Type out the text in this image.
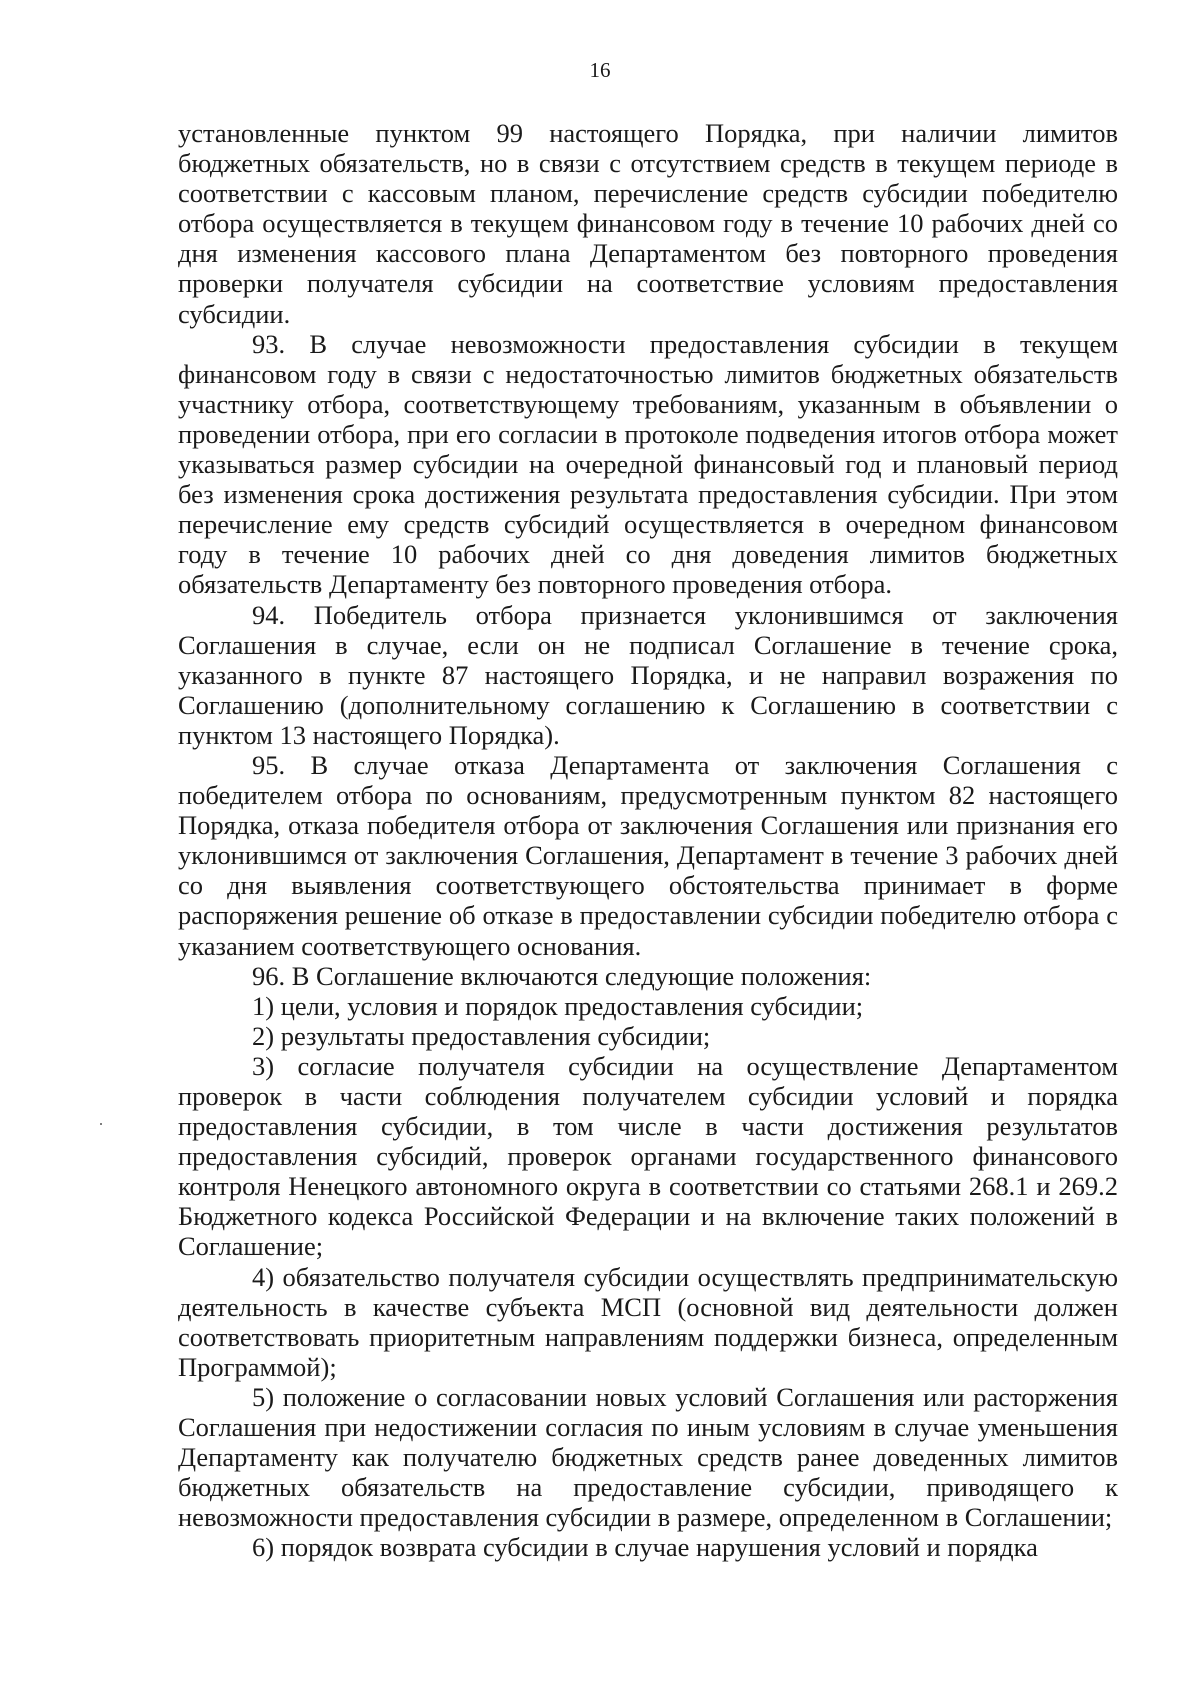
16

установленные пунктом 99 настоящего Порядка, при наличии лимитов бюджетных обязательств, но в связи с отсутствием средств в текущем периоде в соответствии с кассовым планом, перечисление средств субсидии победителю отбора осуществляется в текущем финансовом году в течение 10 рабочих дней со дня изменения кассового плана Департаментом без повторного проведения проверки получателя субсидии на соответствие условиям предоставления субсидии.

93. В случае невозможности предоставления субсидии в текущем финансовом году в связи с недостаточностью лимитов бюджетных обязательств участнику отбора, соответствующему требованиям, указанным в объявлении о проведении отбора, при его согласии в протоколе подведения итогов отбора может указываться размер субсидии на очередной финансовый год и плановый период без изменения срока достижения результата предоставления субсидии. При этом перечисление ему средств субсидий осуществляется в очередном финансовом году в течение 10 рабочих дней со дня доведения лимитов бюджетных обязательств Департаменту без повторного проведения отбора.

94. Победитель отбора признается уклонившимся от заключения Соглашения в случае, если он не подписал Соглашение в течение срока, указанного в пункте 87 настоящего Порядка, и не направил возражения по Соглашению (дополнительному соглашению к Соглашению в соответствии с пунктом 13 настоящего Порядка).

95. В случае отказа Департамента от заключения Соглашения с победителем отбора по основаниям, предусмотренным пунктом 82 настоящего Порядка, отказа победителя отбора от заключения Соглашения или признания его уклонившимся от заключения Соглашения, Департамент в течение 3 рабочих дней со дня выявления соответствующего обстоятельства принимает в форме распоряжения решение об отказе в предоставлении субсидии победителю отбора с указанием соответствующего основания.

96. В Соглашение включаются следующие положения:

1) цели, условия и порядок предоставления субсидии;

2) результаты предоставления субсидии;

3) согласие получателя субсидии на осуществление Департаментом проверок в части соблюдения получателем субсидии условий и порядка предоставления субсидии, в том числе в части достижения результатов предоставления субсидий, проверок органами государственного финансового контроля Ненецкого автономного округа в соответствии со статьями 268.1 и 269.2 Бюджетного кодекса Российской Федерации и на включение таких положений в Соглашение;

4) обязательство получателя субсидии осуществлять предпринимательскую деятельность в качестве субъекта МСП (основной вид деятельности должен соответствовать приоритетным направлениям поддержки бизнеса, определенным Программой);

5) положение о согласовании новых условий Соглашения или расторжения Соглашения при недостижении согласия по иным условиям в случае уменьшения Департаменту как получателю бюджетных средств ранее доведенных лимитов бюджетных обязательств на предоставление субсидии, приводящего к невозможности предоставления субсидии в размере, определенном в Соглашении;

6) порядок возврата субсидии в случае нарушения условий и порядка
